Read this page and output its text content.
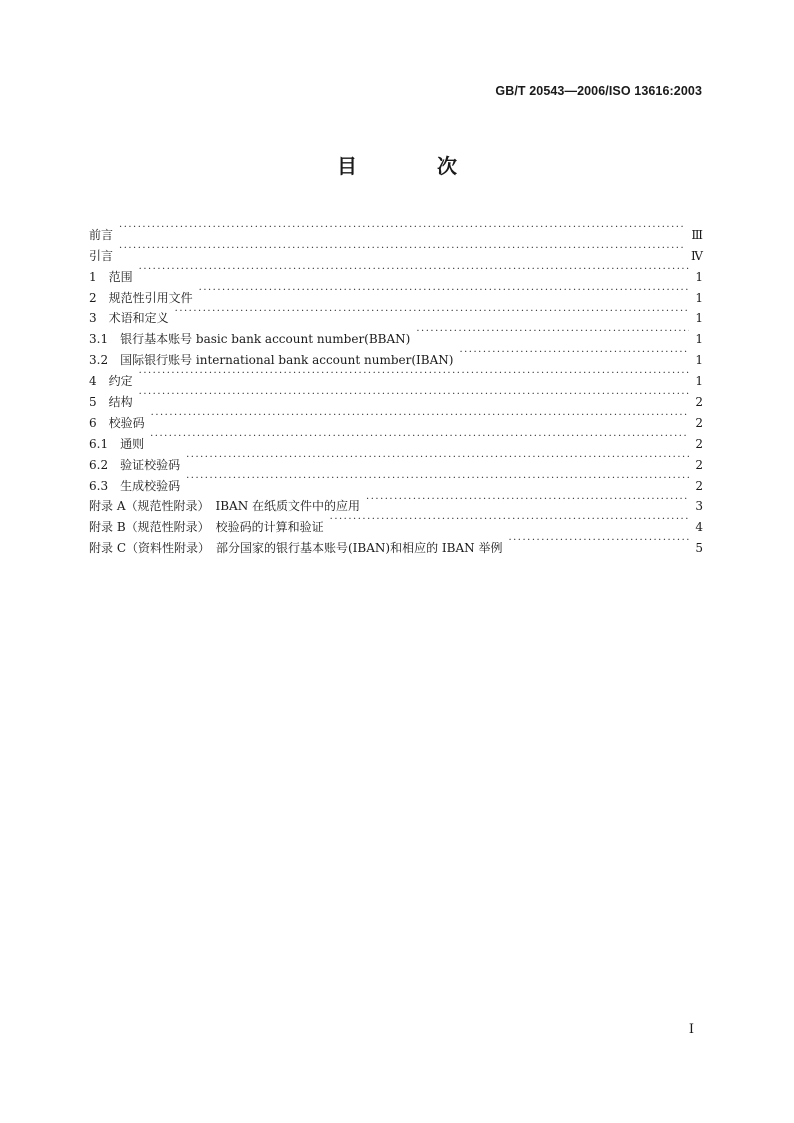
GB/T 20543—2006/ISO 13616:2003
目　次
前言 ·····	Ⅲ
引言 ·····	Ⅳ
1　范围 ·····	1
2　规范性引用文件 ·····	1
3　术语和定义 ·····	1
3.1　银行基本账号 basic bank account number(BBAN) ·····	1
3.2　国际银行账号 international bank account number(IBAN) ·····	1
4　约定 ·····	1
5　结构 ·····	2
6　校验码 ·····	2
6.1　通则 ·····	2
6.2　验证校验码 ·····	2
6.3　生成校验码 ·····	2
附录 A（规范性附录）　IBAN 在纸质文件中的应用 ·····	3
附录 B（规范性附录）　校验码的计算和验证 ·····	4
附录 C（资料性附录）　部分国家的银行基本账号(IBAN)和相应的 IBAN 举例 ·····	5
I
